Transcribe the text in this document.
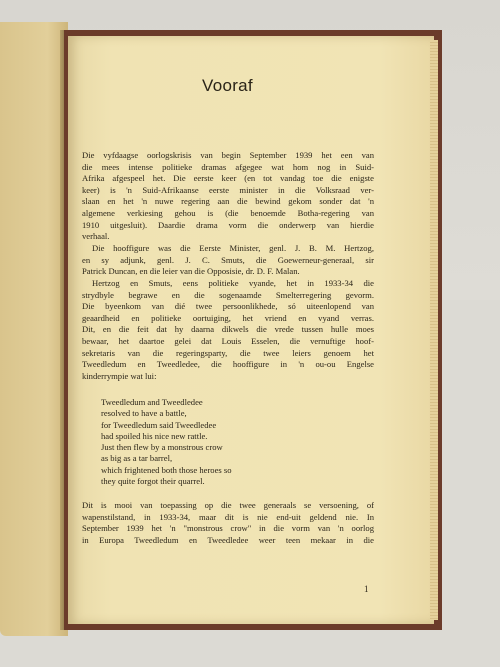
Vooraf

Die vyfdaagse oorlogskrisis van begin September 1939 het een van
die mees intense politieke dramas afgegee wat hom nog in Suid-
Afrika afgespeel het. Die eerste keer (en tot vandag toe die enigste
keer) is 'n Suid-Afrikaanse eerste minister in die Volksraad ver-
slaan en het 'n nuwe regering aan die bewind gekom sonder dat 'n
algemene verkiesing gehou is (die benoemde Botha-regering van
1910 uitgesluit). Daardie drama vorm die onderwerp van hierdie
verhaal.

Die hooffigure was die Eerste Minister, genl. J. B. M. Hertzog,
en sy adjunk, genl. J. C. Smuts, die Goewerneur-generaal, sir
Patrick Duncan, en die leier van die Opposisie, dr. D. F. Malan.

Hertzog en Smuts, eens politieke vyande, het in 1933-34 die
strydbyle begrawe en die sogenaamde Smelterregering gevorm.
Die byeenkom van dié twee persoonlikhede, só uiteenlopend van
geaardheid en politieke oortuiging, het vriend en vyand verras.
Dit, en die feit dat hy daarna dikwels die vrede tussen hulle moes
bewaar, het daartoe gelei dat Louis Esselen, die vernuftige hoof-
sekretaris van die regeringsparty, die twee leiers genoem het
Tweedledum en Tweedledee, die hooffigure in 'n ou-ou Engelse
kinderrympie wat lui:

Tweedledum and Tweedledee
resolved to have a battle,
for Tweedledum said Tweedledee
had spoiled his nice new rattle.
Just then flew by a monstrous crow
as big as a tar barrel,
which frightened both those heroes so
they quite forgot their quarrel.

Dit is mooi van toepassing op die twee generaals se versoening, of
wapenstilstand, in 1933-34, maar dit is nie end-uit geldend nie. In
September 1939 het 'n "monstrous crow" in die vorm van 'n oorlog
in Europa Tweedledum en Tweedledee weer teen mekaar in die

1
